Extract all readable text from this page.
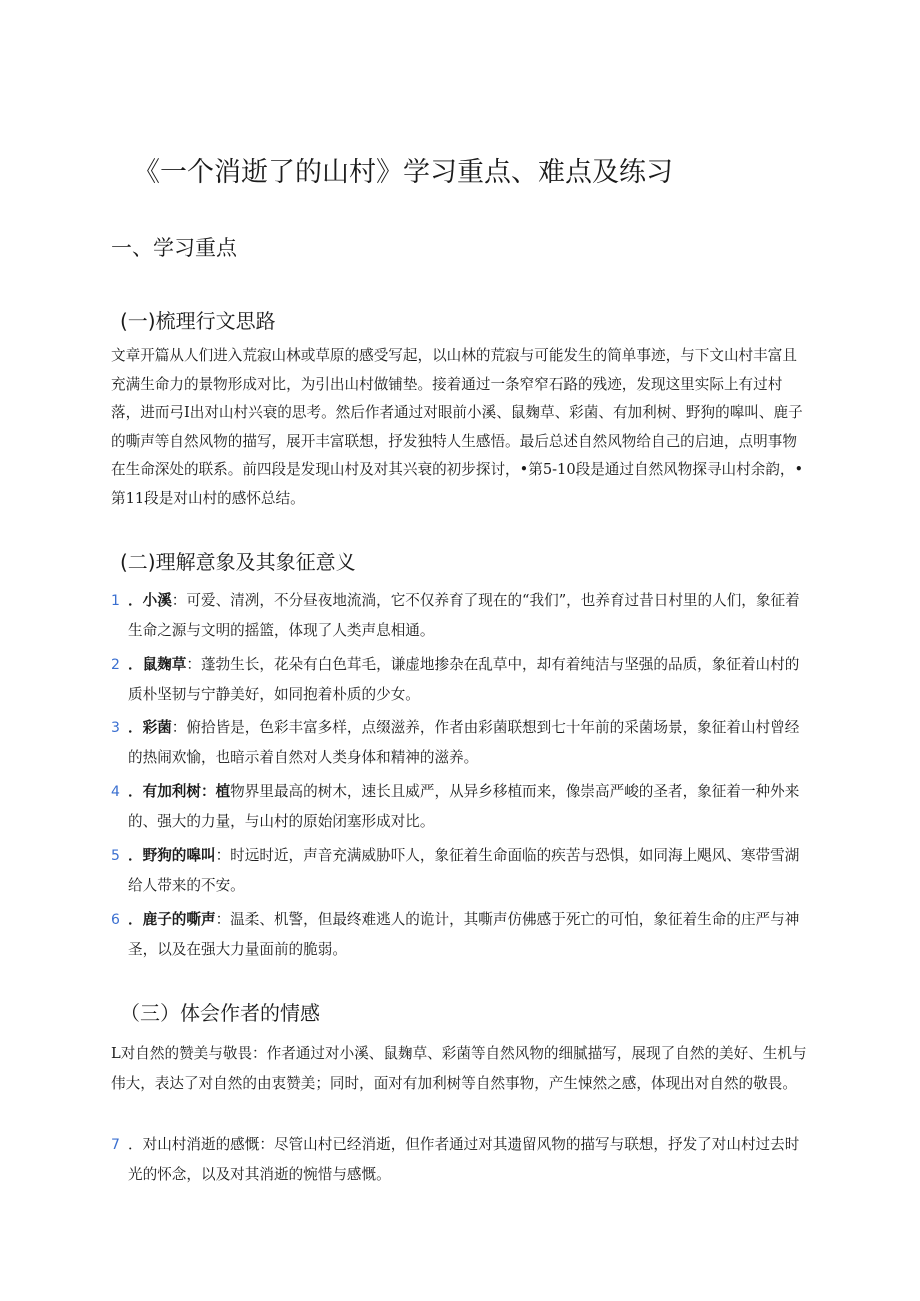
《一个消逝了的山村》学习重点、难点及练习
一、学习重点
(一)梳理行文思路

文章开篇从人们进入荒寂山林或草原的感受写起，以山林的荒寂与可能发生的简单事迹，与下文山村丰富且充满生命力的景物形成对比，为引出山村做铺垫。接着通过一条窄窄石路的残迹，发现这里实际上有过村落，进而弓I出对山村兴衰的思考。然后作者通过对眼前小溪、鼠麹草、彩菌、有加利树、野狗的嗥叫、鹿子的嘶声等自然风物的描写，展开丰富联想，抒发独特人生感悟。最后总述自然风物给自己的启迪，点明事物在生命深处的联系。前四段是发现山村及对其兴衰的初步探讨，•第5-10段是通过自然风物探寻山村余韵，•第11段是对山村的感怀总结。

(二)理解意象及其象征意义
1 ．小溪：可爱、清冽，不分昼夜地流淌，它不仅养育了现在的“我们”，也养育过昔日村里的人们，象征着生命之源与文明的摇篮，体现了人类声息相通。
2 ．鼠麹草：蓬勃生长，花朵有白色茸毛，谦虚地掺杂在乱草中，却有着纯洁与坚强的品质，象征着山村的质朴坚韧与宁静美好，如同抱着朴质的少女。
3 ．彩菌：俯拾皆是，色彩丰富多样，点缀滋养，作者由彩菌联想到七十年前的采菌场景，象征着山村曾经的热闹欢愉，也暗示着自然对人类身体和精神的滋养。
4 ．有加利树：植物界里最高的树木，速长且威严，从异乡移植而来，像崇高严峻的圣者，象征着一种外来的、强大的力量，与山村的原始闭塞形成对比。
5 ．野狗的嗥叫：时远时近，声音充满威胁吓人，象征着生命面临的疾苦与恐惧，如同海上飓风、寒带雪湖给人带来的不安。
6 ．鹿子的嘶声：温柔、机警，但最终难逃人的诡计，其嘶声仿佛感于死亡的可怕，象征着生命的庄严与神圣，以及在强大力量面前的脆弱。
（三）体会作者的情感
L对自然的赞美与敬畏：作者通过对小溪、鼠麹草、彩菌等自然风物的细腻描写，展现了自然的美好、生机与伟大，表达了对自然的由衷赞美；同时，面对有加利树等自然事物，产生悚然之感，体现出对自然的敬畏。
7 ．对山村消逝的感慨：尽管山村已经消逝，但作者通过对其遗留风物的描写与联想，抒发了对山村过去时光的怀念，以及对其消逝的惋惜与感慨。
